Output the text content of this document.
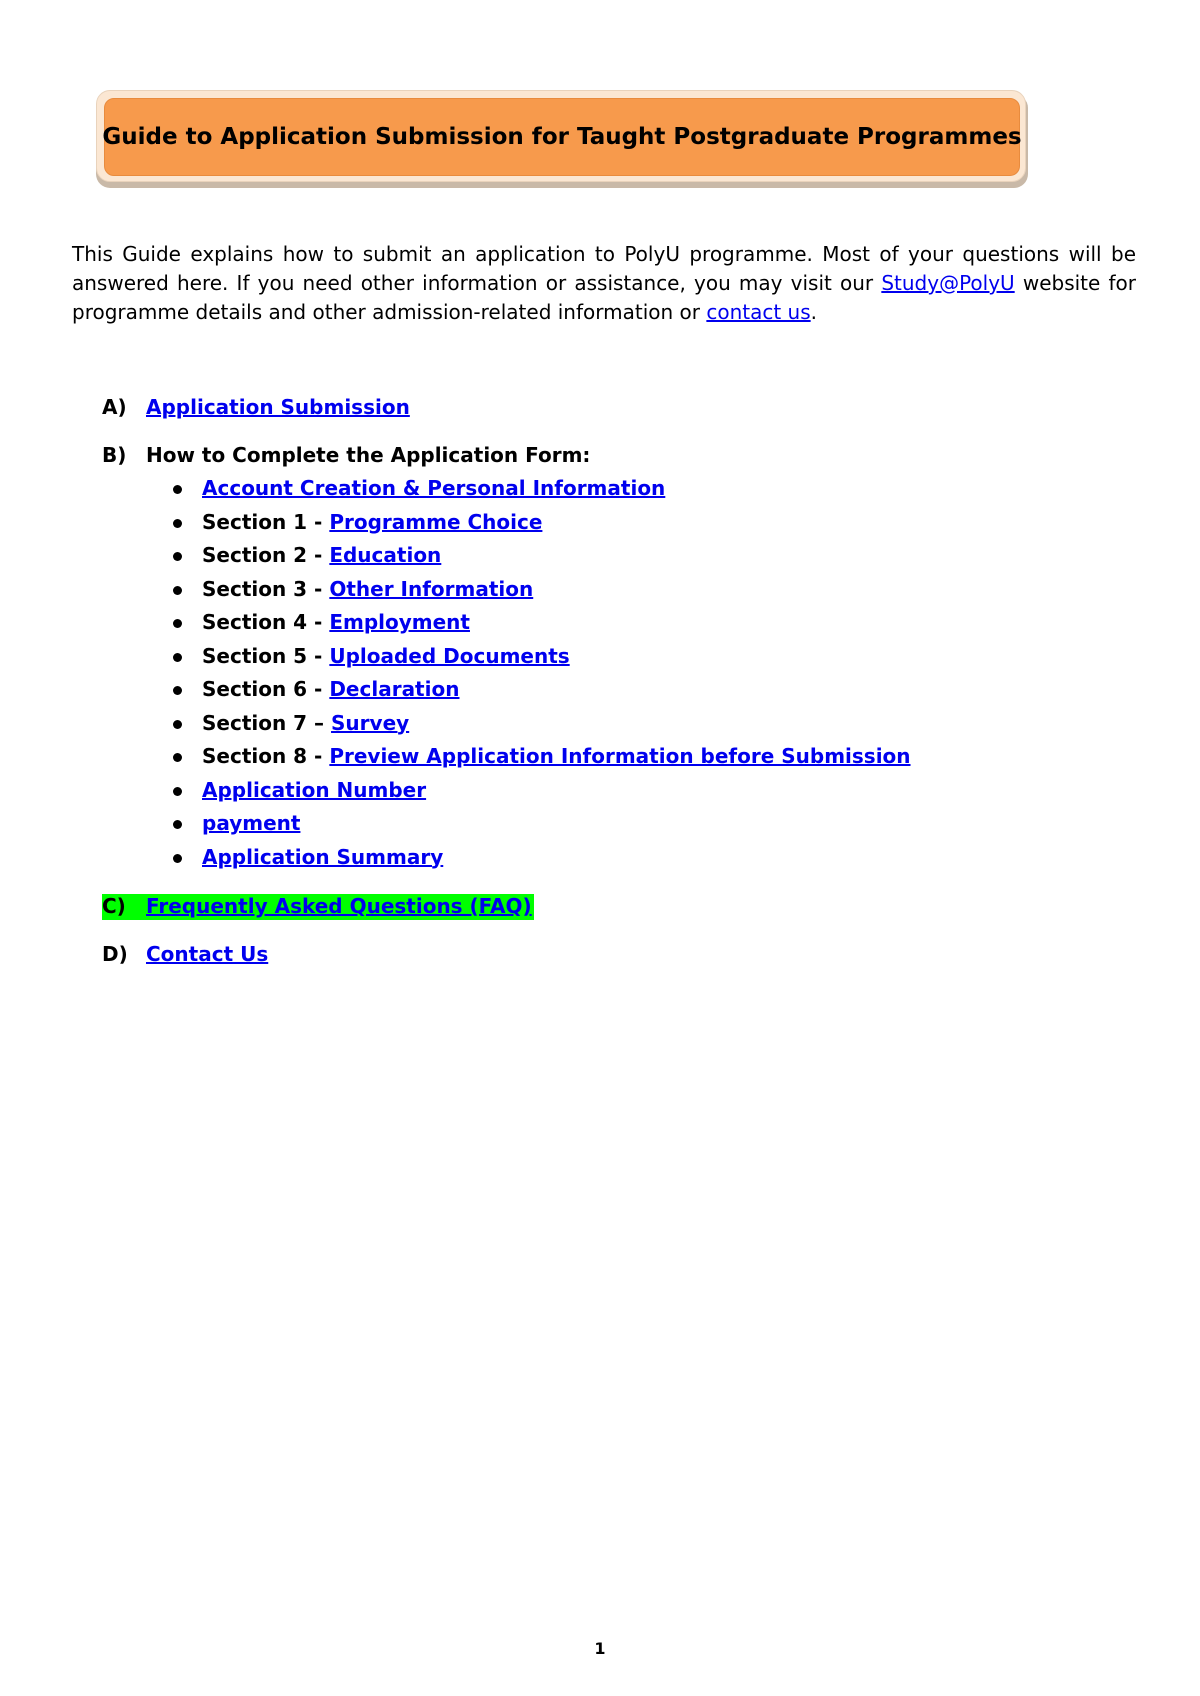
Guide to Application Submission for Taught Postgraduate Programmes

This Guide explains how to submit an application to PolyU programme. Most of your questions will be answered here. If you need other information or assistance, you may visit our Study@PolyU website for programme details and other admission-related information or contact us.

A) Application Submission
B) How to Complete the Application Form:
Account Creation & Personal Information
Section 1 - Programme Choice
Section 2 - Education
Section 3 - Other Information
Section 4 - Employment
Section 5 - Uploaded Documents
Section 6 - Declaration
Section 7 – Survey
Section 8 - Preview Application Information before Submission
Application Number
payment
Application Summary
C) Frequently Asked Questions (FAQ)
D) Contact Us
1
